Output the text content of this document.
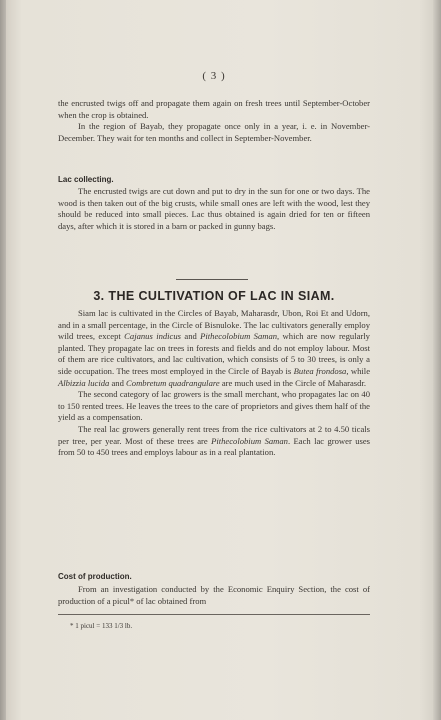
( 3 )

the encrusted twigs off and propagate them again on fresh trees until September-October when the crop is obtained.

In the region of Bayab, they propagate once only in a year, i. e. in November-December. They wait for ten months and collect in September-November.

Lac collecting.

The encrusted twigs are cut down and put to dry in the sun for one or two days. The wood is then taken out of the big crusts, while small ones are left with the wood, lest they should be reduced into small pieces. Lac thus obtained is again dried for ten or fifteen days, after which it is stored in a barn or packed in gunny bags.

3. THE CULTIVATION OF LAC IN SIAM.

Siam lac is cultivated in the Circles of Bayab, Maharasdr, Ubon, Roi Et and Udorn, and in a small percentage, in the Circle of Bisnuloke. The lac cultivators generally employ wild trees, except Cajanus indicus and Pithecolobium Saman, which are now regularly planted. They propagate lac on trees in forests and fields and do not employ labour. Most of them are rice cultivators, and lac cultivation, which consists of 5 to 30 trees, is only a side occupation. The trees most employed in the Circle of Bayab is Butea frondosa, while Albizzia lucida and Combretum quadrangulare are much used in the Circle of Maharasdr.

The second category of lac growers is the small merchant, who propagates lac on 40 to 150 rented trees. He leaves the trees to the care of proprietors and gives them half of the yield as a compensation.

The real lac growers generally rent trees from the rice cultivators at 2 to 4.50 ticals per tree, per year. Most of these trees are Pithecolobium Saman. Each lac grower uses from 50 to 450 trees and employs labour as in a real plantation.

Cost of production.

From an investigation conducted by the Economic Enquiry Section, the cost of production of a picul* of lac obtained from

* 1 picul = 133 1/3 lb.
